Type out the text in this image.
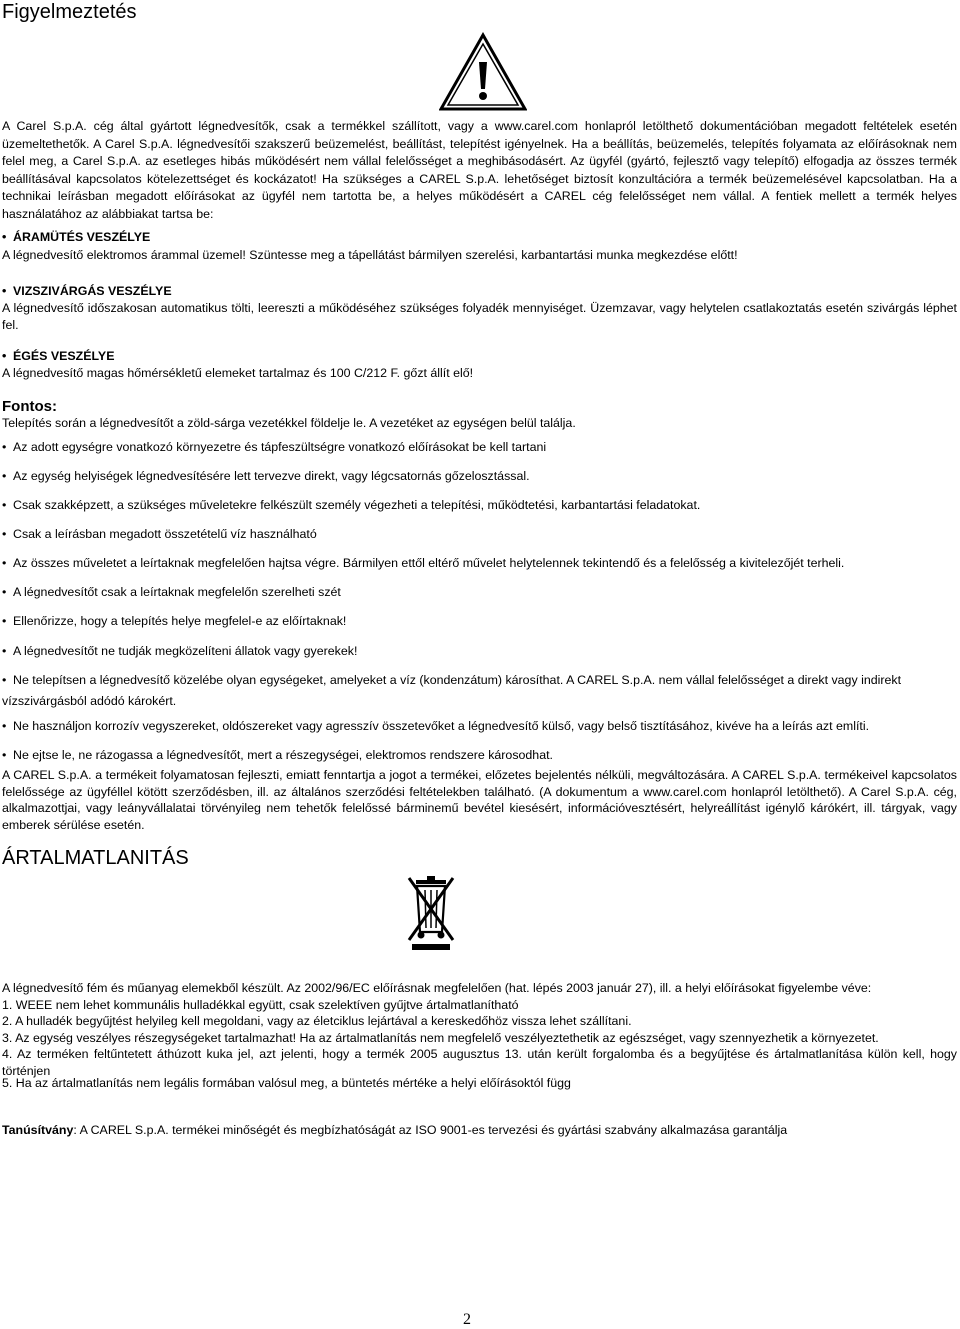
Figyelmeztetés
A Carel S.p.A. cég által gyártott légnedvesítők, csak a termékkel szállított, vagy a www.carel.com honlapról letölthető dokumentációban megadott feltételek esetén üzemeltethetők. A Carel S.p.A. légnedvesítői szakszerű beüzemelést, beállítást, telepítést igényelnek. Ha a beállítás, beüzemelés, telepítés folyamata az előírásoknak nem felel meg, a Carel S.p.A. az esetleges hibás működésért nem vállal felelősséget a meghibásodásért. Az ügyfél (gyártó, fejlesztő vagy telepítő) elfogadja az összes termék beállításával kapcsolatos kötelezettséget és kockázatot! Ha szükséges a CAREL S.p.A. lehetőséget biztosít konzultációra a termék beüzemelésével kapcsolatban. Ha a technikai leírásban megadott előírásokat az ügyfél nem tartotta be, a helyes működésért a CAREL cég felelősséget nem vállal. A fentiek mellett a termék helyes használatához az alábbiakat tartsa be:
• ÁRAMÜTÉS VESZÉLYE
A légnedvesítő elektromos árammal üzemel! Szüntesse meg a tápellátást bármilyen szerelési, karbantartási munka megkezdése előtt!
• VIZSZIVÁRGÁS VESZÉLYE
A légnedvesítő időszakosan automatikus tölti, leereszti a működéséhez szükséges folyadék mennyiséget. Üzemzavar, vagy helytelen csatlakoztatás esetén szivárgás léphet fel.
• ÉGÉS VESZÉLYE
A légnedvesítő magas hőmérsékletű elemeket tartalmaz és 100 C/212 F. gőzt állít elő!
Fontos:
Telepítés során a légnedvesítőt a zöld-sárga vezetékkel földelje le. A vezetéket az egységen belül találja.
• Az adott egységre vonatkozó környezetre és tápfeszültségre vonatkozó előírásokat be kell tartani
• Az egység helyiségek légnedvesítésére lett tervezve direkt, vagy légcsatornás gőzelosztással.
• Csak szakképzett, a szükséges műveletekre felkészült személy végezheti a telepítési, működtetési, karbantartási feladatokat.
• Csak a leírásban megadott összetételű víz használható
• Az összes műveletet a leírtaknak megfelelően hajtsa végre. Bármilyen ettől eltérő művelet helytelennek tekintendő és a felelősség a kivitelezőjét terheli.
• A légnedvesítőt csak a leírtaknak megfelelőn szerelheti szét
• Ellenőrizze, hogy a telepítés helye megfelel-e az előírtaknak!
• A légnedvesítőt ne tudják megközelíteni állatok vagy gyerekek!
• Ne telepítsen a légnedvesítő közelébe olyan egységeket, amelyeket a víz (kondenzátum) károsíthat. A CAREL S.p.A. nem vállal felelősséget a direkt vagy indirekt vízszivárgásból adódó károkért.
• Ne használjon korrozív vegyszereket, oldószereket vagy agresszív összetevőket a légnedvesítő külső, vagy belső tisztításához, kivéve ha a leírás azt említi.
• Ne ejtse le, ne rázogassa a légnedvesítőt, mert a részegységei, elektromos rendszere károsodhat.
A CAREL S.p.A. a termékeit folyamatosan fejleszti, emiatt fenntartja a jogot a termékei, előzetes bejelentés nélküli, megváltozására. A CAREL S.p.A. termékeivel kapcsolatos felelőssége az ügyféllel kötött szerződésben, ill. az általános szerződési feltételekben található. (A dokumentum a www.carel.com honlapról letölthető). A Carel S.p.A. cég, alkalmazottjai, vagy leányvállalatai törvényileg nem tehetők felelőssé bárminemű bevétel kiesésért, információvesztésért, helyreállítást igénylő kárókért, ill. tárgyak, vagy emberek sérülése esetén.
ÁRTALMATLANITÁS
A légnedvesítő fém és műanyag elemekből készült. Az 2002/96/EC előírásnak megfelelően (hat. lépés 2003 január 27), ill. a helyi előírásokat figyelembe véve:
1. WEEE nem lehet kommunális hulladékkal együtt, csak szelektíven gyűjtve ártalmatlanítható
2. A hulladék begyűjtést helyileg kell megoldani, vagy az életciklus lejártával a kereskedőhöz vissza lehet szállítani.
3. Az egység veszélyes részegységeket tartalmazhat! Ha az ártalmatlanítás nem megfelelő veszélyeztethetik az egészséget, vagy szennyezhetik a környezetet.
4. Az terméken feltűntetett áthúzott kuka jel, azt jelenti, hogy a termék 2005 augusztus 13. után került forgalomba és a begyűjtése és ártalmatlanítása külön kell, hogy történjen
5. Ha az ártalmatlanítás nem legális formában valósul meg, a büntetés mértéke a helyi előírásoktól függ
Tanúsítvány: A CAREL S.p.A. termékei minőségét és megbízhatóságát az ISO 9001-es tervezési és gyártási szabvány alkalmazása garantálja
2
